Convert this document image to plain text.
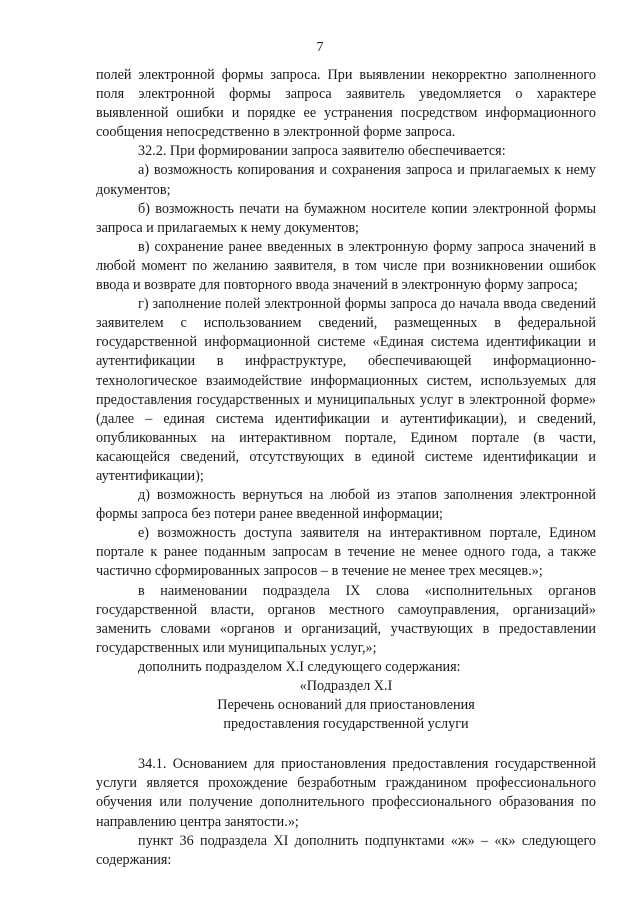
7

полей электронной формы запроса. При выявлении некорректно заполненного поля электронной формы запроса заявитель уведомляется о характере выявленной ошибки и порядке ее устранения посредством информационного сообщения непосредственно в электронной форме запроса.

32.2. При формировании запроса заявителю обеспечивается:

а) возможность копирования и сохранения запроса и прилагаемых к нему документов;

б) возможность печати на бумажном носителе копии электронной формы запроса и прилагаемых к нему документов;

в) сохранение ранее введенных в электронную форму запроса значений в любой момент по желанию заявителя, в том числе при возникновении ошибок ввода и возврате для повторного ввода значений в электронную форму запроса;

г) заполнение полей электронной формы запроса до начала ввода сведений заявителем с использованием сведений, размещенных в федеральной государственной информационной системе «Единая система идентификации и аутентификации в инфраструктуре, обеспечивающей информационно-технологическое взаимодействие информационных систем, используемых для предоставления государственных и муниципальных услуг в электронной форме» (далее – единая система идентификации и аутентификации), и сведений, опубликованных на интерактивном портале, Едином портале (в части, касающейся сведений, отсутствующих в единой системе идентификации и аутентификации);

д) возможность вернуться на любой из этапов заполнения электронной формы запроса без потери ранее введенной информации;

е) возможность доступа заявителя на интерактивном портале, Едином портале к ранее поданным запросам в течение не менее одного года, а также частично сформированных запросов – в течение не менее трех месяцев.»;

в наименовании подраздела IX слова «исполнительных органов государственной власти, органов местного самоуправления, организаций» заменить словами «органов и организаций, участвующих в предоставлении государственных или муниципальных услуг,»;

дополнить подразделом X.I следующего содержания:

«Подраздел X.I

Перечень оснований для приостановления

предоставления государственной услуги

34.1. Основанием для приостановления предоставления государственной услуги является прохождение безработным гражданином профессионального обучения или получение дополнительного профессионального образования по направлению центра занятости.»;

пункт 36 подраздела XI дополнить подпунктами «ж» – «к» следующего содержания:
